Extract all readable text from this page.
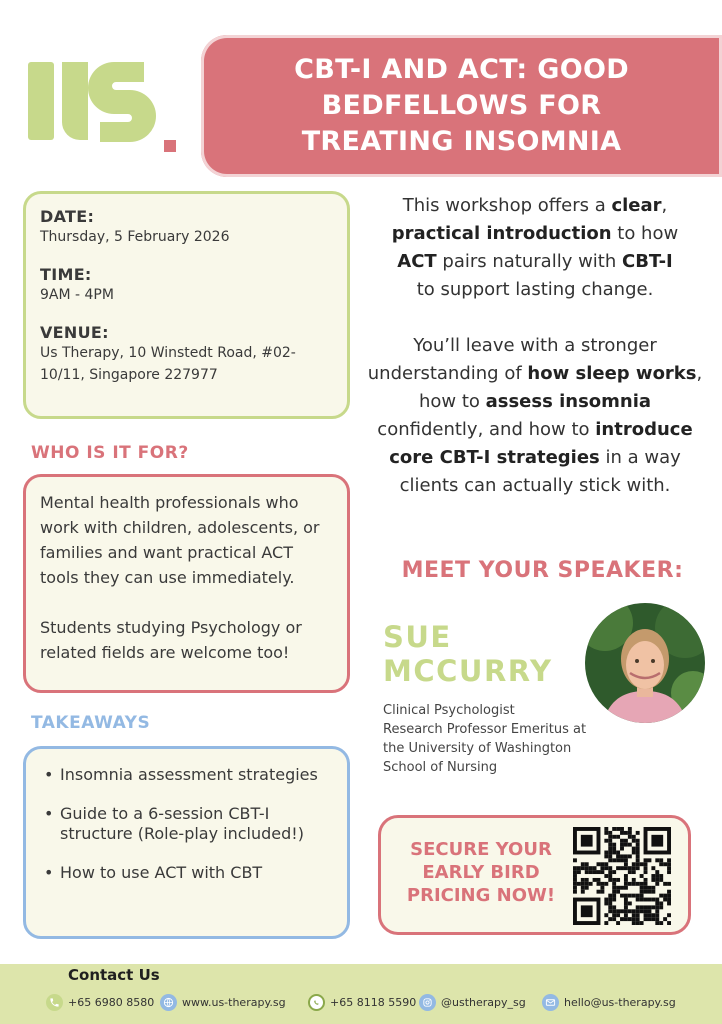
CBT-I AND ACT: GOOD
BEDFELLOWS FOR
TREATING INSOMNIA
DATE:
Thursday, 5 February 2026
TIME:
9AM - 4PM
VENUE:
Us Therapy, 10 Winstedt Road, #02-
10/11, Singapore 227977
WHO IS IT FOR?

Mental health professionals who work with children, adolescents, or families and want practical ACT tools they can use immediately.

Students studying Psychology or related fields are welcome too!

TAKEAWAYS
• Insomnia assessment strategies
• Guide to a 6-session CBT-I structure (Role-play included!)
• How to use ACT with CBT

This workshop offers a clear,
practical introduction to how
ACT pairs naturally with CBT-I
to support lasting change.

You’ll leave with a stronger understanding of how sleep works, how to assess insomnia confidently, and how to introduce core CBT-I strategies in a way clients can actually stick with.

MEET YOUR SPEAKER:
SUE
MCCURRY
Clinical Psychologist
Research Professor Emeritus at
the University of Washington
School of Nursing
SECURE YOUR
EARLY BIRD
PRICING NOW!
Contact Us
+65 6980 8580	www.us-therapy.sg	+65 8118 5590 @ustherapy_sg	hello@us-therapy.sg
